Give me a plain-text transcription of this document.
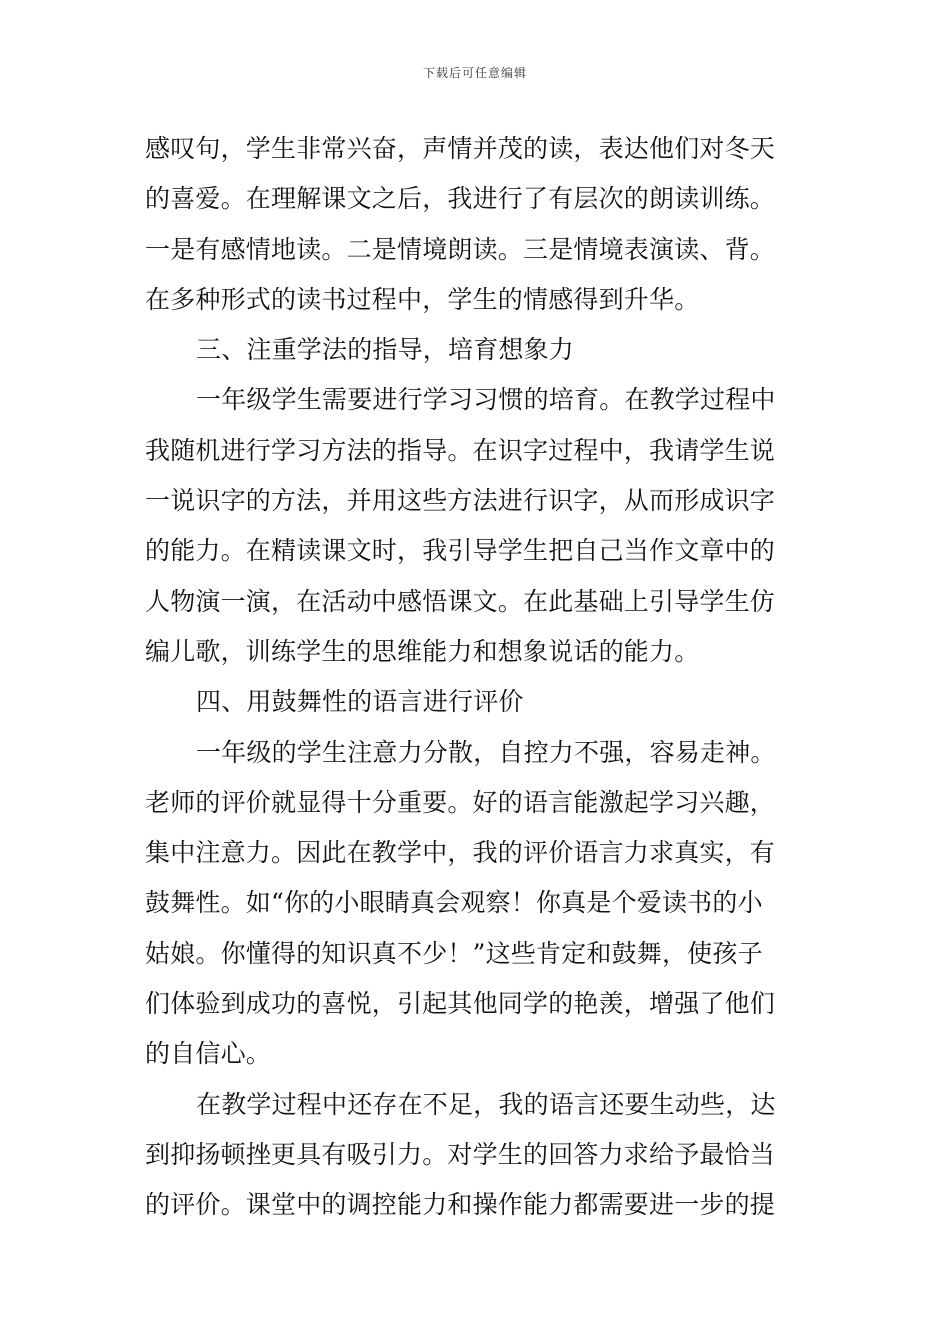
下载后可任意编辑
感叹句，学生非常兴奋，声情并茂的读，表达他们对冬天
的喜爱。在理解课文之后，我进行了有层次的朗读训练。
一是有感情地读。二是情境朗读。三是情境表演读、背。
在多种形式的读书过程中，学生的情感得到升华。
三、注重学法的指导，培育想象力
一年级学生需要进行学习习惯的培育。在教学过程中
我随机进行学习方法的指导。在识字过程中，我请学生说
一说识字的方法，并用这些方法进行识字，从而形成识字
的能力。在精读课文时，我引导学生把自己当作文章中的
人物演一演，在活动中感悟课文。在此基础上引导学生仿
编儿歌，训练学生的思维能力和想象说话的能力。
四、用鼓舞性的语言进行评价
一年级的学生注意力分散，自控力不强，容易走神。
老师的评价就显得十分重要。好的语言能激起学习兴趣，
集中注意力。因此在教学中，我的评价语言力求真实，有
鼓舞性。如“你的小眼睛真会观察！你真是个爱读书的小
姑娘。你懂得的知识真不少！”这些肯定和鼓舞，使孩子
们体验到成功的喜悦，引起其他同学的艳羡，增强了他们
的自信心。
在教学过程中还存在不足，我的语言还要生动些，达
到抑扬顿挫更具有吸引力。对学生的回答力求给予最恰当
的评价。课堂中的调控能力和操作能力都需要进一步的提
